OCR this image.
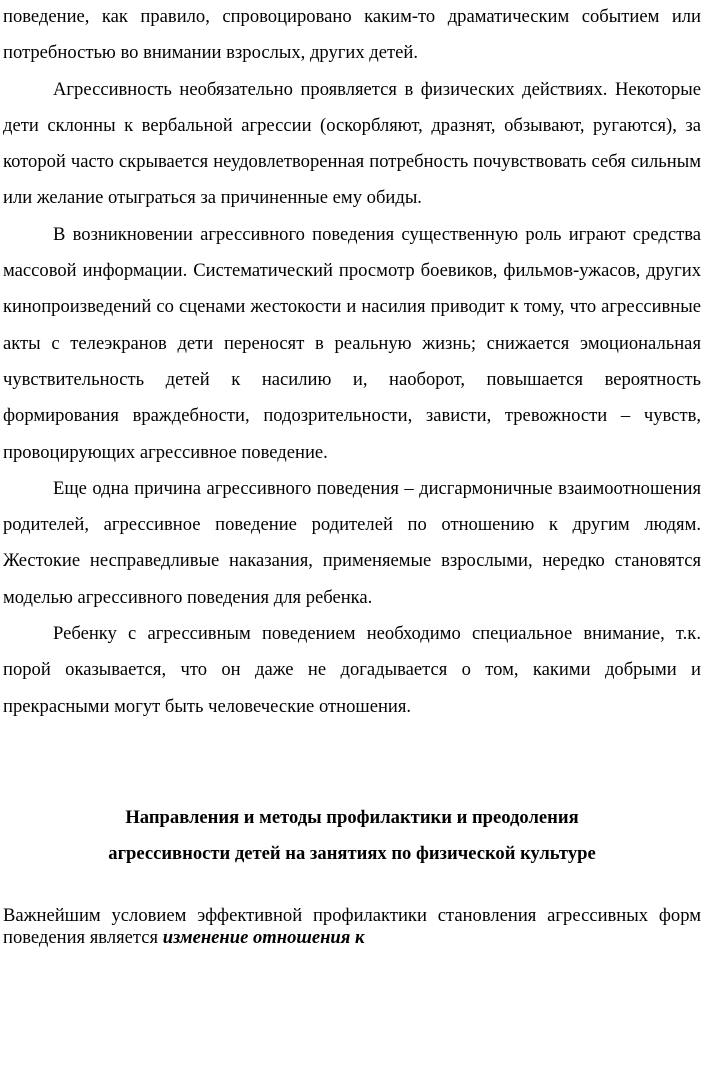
поведение, как правило, спровоцировано каким-то драматическим событием или потребностью во внимании взрослых, других детей.

Агрессивность необязательно проявляется в физических действиях. Некоторые дети склонны к вербальной агрессии (оскорбляют, дразнят, обзывают, ругаются), за которой часто скрывается неудовлетворенная потребность почувствовать себя сильным или желание отыграться за причиненные ему обиды.

В возникновении агрессивного поведения существенную роль играют средства массовой информации. Систематический просмотр боевиков, фильмов-ужасов, других кинопроизведений со сценами жестокости и насилия приводит к тому, что агрессивные акты с телеэкранов дети переносят в реальную жизнь; снижается эмоциональная чувствительность детей к насилию и, наоборот, повышается вероятность формирования враждебности, подозрительности, зависти, тревожности – чувств, провоцирующих агрессивное поведение.

Еще одна причина агрессивного поведения – дисгармоничные взаимоотношения родителей, агрессивное поведение родителей по отношению к другим людям. Жестокие несправедливые наказания, применяемые взрослыми, нередко становятся моделью агрессивного поведения для ребенка.

Ребенку с агрессивным поведением необходимо специальное внимание, т.к. порой оказывается, что он даже не догадывается о том, какими добрыми и прекрасными могут быть человеческие отношения.

Направления и методы профилактики и преодоления

агрессивности детей на занятиях по физической культуре

Важнейшим условием эффективной профилактики становления агрессивных форм поведения является изменение отношения к
